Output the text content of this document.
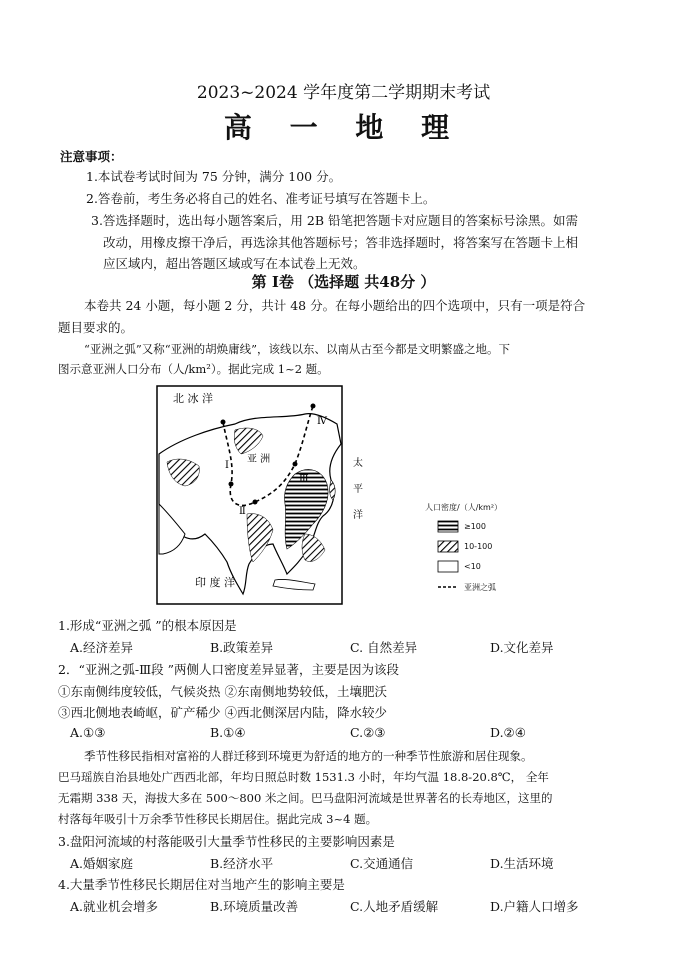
2023~2024 学年度第二学期期末考试
高 一 地 理
注意事项：
1.本试卷考试时间为 75 分钟，满分 100 分。
2.答卷前，考生务必将自己的姓名、准考证号填写在答题卡上。
3.答选择题时，选出每小题答案后，用 2B 铅笔把答题卡对应题目的答案标号涂黑。如需
改动，用橡皮擦干净后，再选涂其他答题标号；答非选择题时，将答案写在答题卡上相
应区域内，超出答题区域或写在本试卷上无效。
第 Ⅰ卷 （选择题 共48分 ）
本卷共 24 小题，每小题 2 分，共计 48 分。在每小题给出的四个选项中，只有一项是符合
题目要求的。
“亚洲之弧”又称“亚洲的胡焕庸线”，该线以东、以南从古至今都是文明繁盛之地。下
图示意亚洲人口分布（人/km²）。据此完成 1~2 题。
北 冰 洋
亚 洲	太
平
洋
印 度 洋
Ⅰ
Ⅱ
Ⅲ
Ⅳ
人口密度/（人/km²）
≥100
10-100
<10
亚洲之弧
1.形成“亚洲之弧 ”的根本原因是
A.经济差异	B.政策差异	C. 自然差异	D.文化差异
2．“亚洲之弧-Ⅲ段 ”两侧人口密度差异显著，主要是因为该段
①东南侧纬度较低，气候炎热 ②东南侧地势较低，土壤肥沃
③西北侧地表崎岖，矿产稀少 ④西北侧深居内陆，降水较少
A.①③	B.①④	C.②③	D.②④
季节性移民指相对富裕的人群迁移到环境更为舒适的地方的一种季节性旅游和居住现象。
巴马瑶族自治县地处广西西北部，年均日照总时数 1531.3 小时，年均气温 18.8-20.8℃， 全年
无霜期 338 天，海拔大多在 500～800 米之间。巴马盘阳河流域是世界著名的长寿地区，这里的
村落每年吸引十万余季节性移民长期居住。据此完成 3~4 题。
3.盘阳河流域的村落能吸引大量季节性移民的主要影响因素是
A.婚姻家庭	B.经济水平	C.交通通信	D.生活环境
4.大量季节性移民长期居住对当地产生的影响主要是
A.就业机会增多	B.环境质量改善	C.人地矛盾缓解	D.户籍人口增多
